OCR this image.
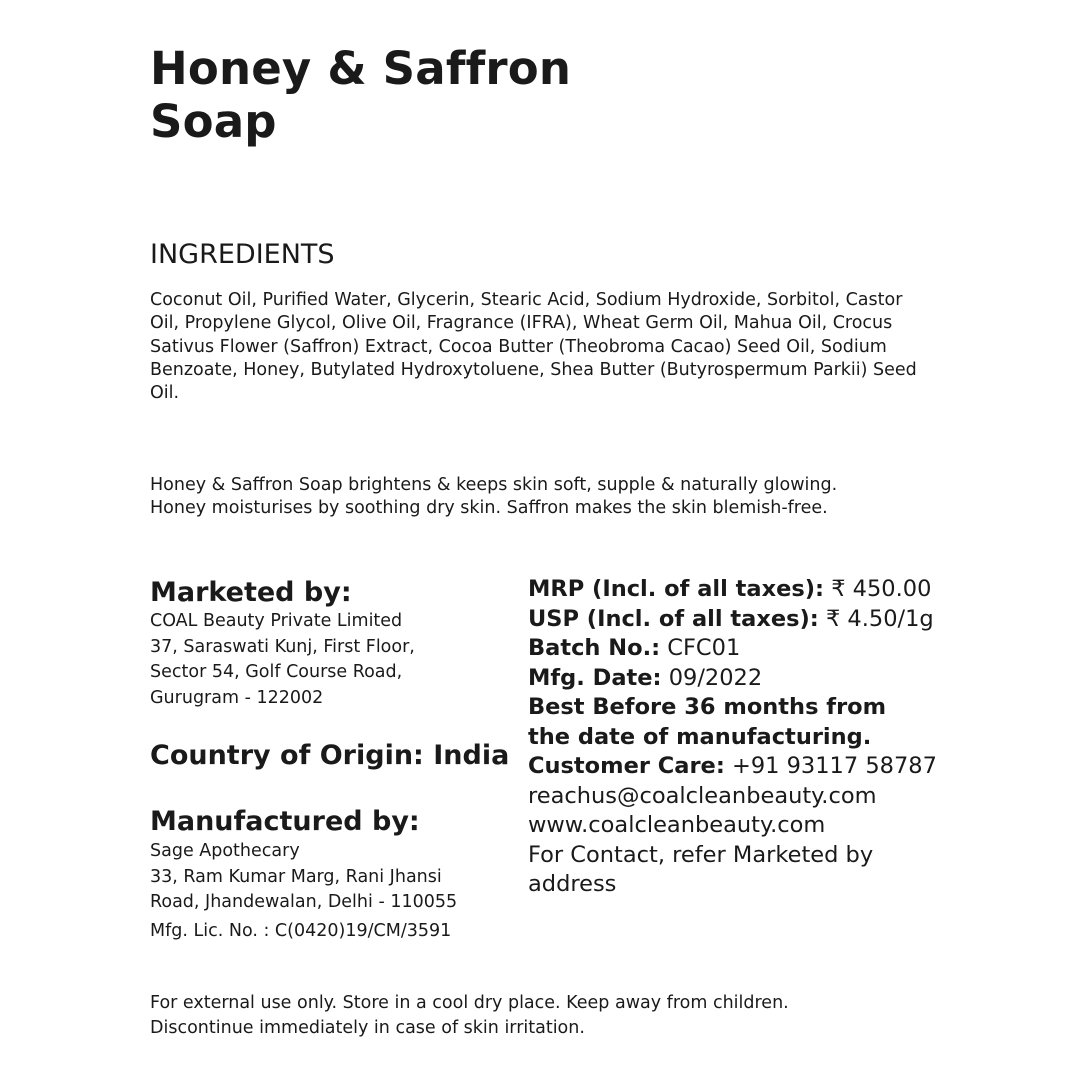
Honey & Saffron
Soap
INGREDIENTS
Coconut Oil, Purified Water, Glycerin, Stearic Acid, Sodium Hydroxide, Sorbitol, Castor Oil, Propylene Glycol, Olive Oil, Fragrance (IFRA), Wheat Germ Oil, Mahua Oil, Crocus Sativus Flower (Saffron) Extract, Cocoa Butter (Theobroma Cacao) Seed Oil, Sodium Benzoate, Honey, Butylated Hydroxytoluene, Shea Butter (Butyrospermum Parkii) Seed Oil.
Honey & Saffron Soap brightens & keeps skin soft, supple & naturally glowing.
Honey moisturises by soothing dry skin. Saffron makes the skin blemish-free.
Marketed by:
COAL Beauty Private Limited
37, Saraswati Kunj, First Floor,
Sector 54, Golf Course Road,
Gurugram - 122002
Country of Origin: India
Manufactured by:
Sage Apothecary
33, Ram Kumar Marg, Rani Jhansi
Road, Jhandewalan, Delhi - 110055
Mfg. Lic. No. : C(0420)19/CM/3591
MRP (Incl. of all taxes): ₹ 450.00
USP (Incl. of all taxes): ₹ 4.50/1g
Batch No.: CFC01
Mfg. Date: 09/2022
Best Before 36 months from
the date of manufacturing.
Customer Care: +91 93117 58787
reachus@coalcleanbeauty.com
www.coalcleanbeauty.com
For Contact, refer Marketed by
address
For external use only. Store in a cool dry place. Keep away from children.
Discontinue immediately in case of skin irritation.
